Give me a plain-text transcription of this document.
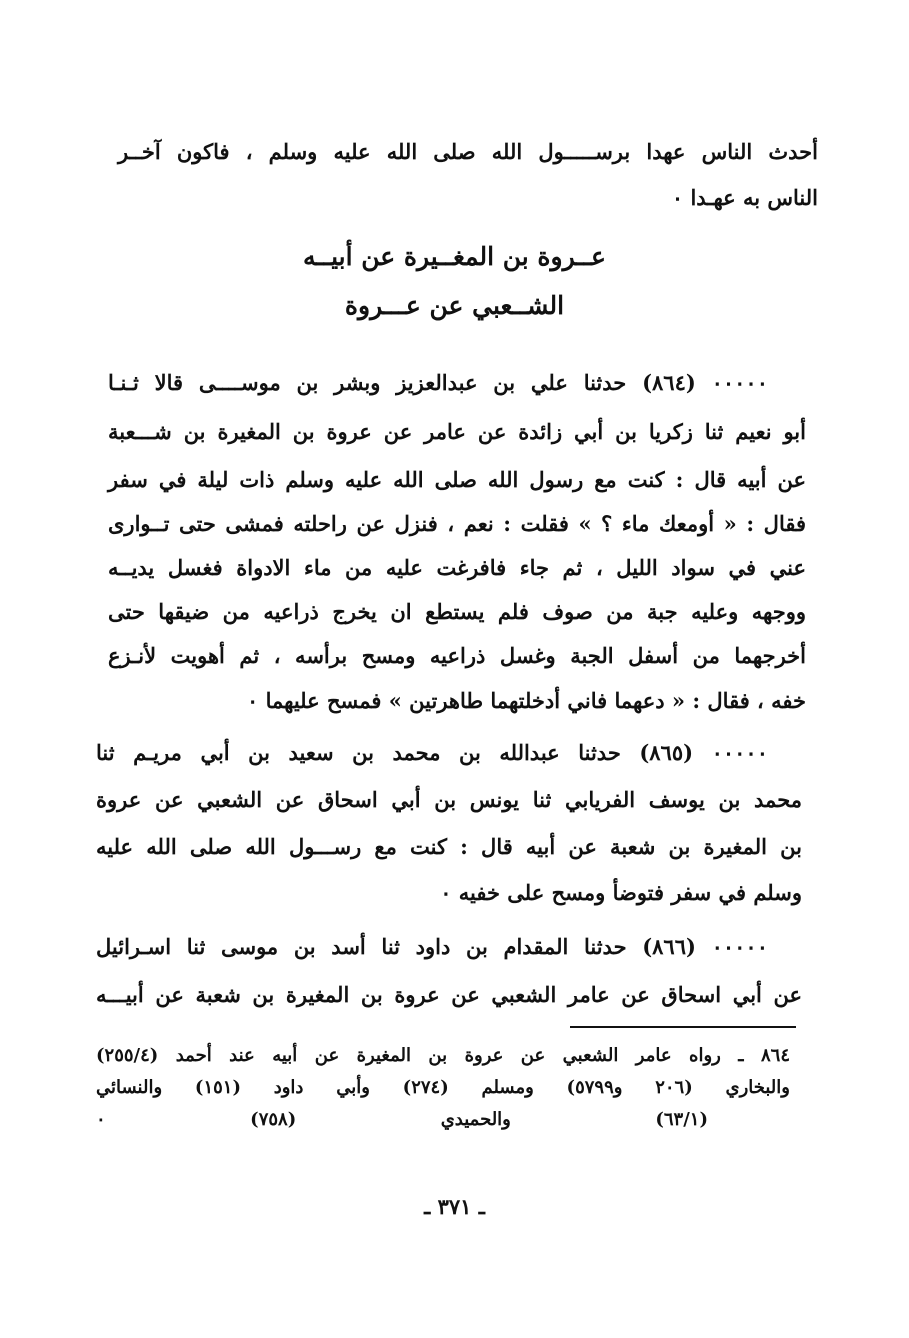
أحدث الناس عهدا برســـــول الله صلى الله عليه وسلم ، فاكون آخــر
الناس به عهـدا ٠
عــروة بن المغــيرة عن أبيــه
الشــعبي عن عـــروة
٠٠٠٠٠ (٨٦٤) حدثنا علي بن عبدالعزيز وبشر بن موســــى قالا ثـنـا
أبو نعيم ثنا زكريا بن أبي زائدة عن عامر عن عروة بن المغيرة بن شـــعبة
عن أبيه قال : كنت مع رسول الله صلى الله عليه وسلم ذات ليلة في سفر
فقال : « أومعك ماء ؟ » فقلت : نعم ، فنزل عن راحلته فمشى حتى تــوارى
عني في سواد الليل ، ثم جاء فافرغت عليه من ماء الادواة فغسل يديــه
ووجهه وعليه جبة من صوف فلم يستطع ان يخرج ذراعيه من ضيقها حتى
أخرجهما من أسفل الجبة وغسل ذراعيه ومسح برأسه ، ثم أهويت لأنـزع
خفه ، فقال : « دعهما فاني أدخلتهما طاهرتين » فمسح عليهما ٠
٠٠٠٠٠ (٨٦٥) حدثنا عبدالله بن محمد بن سعيد بن أبي مريـم ثنا
محمد بن يوسف الفريابي ثنا يونس بن أبي اسحاق عن الشعبي عن عروة
بن المغيرة بن شعبة عن أبيه قال : كنت مع رســـول الله صلى الله عليه
وسلم في سفر فتوضأ ومسح على خفيه ٠
٠٠٠٠٠ (٨٦٦) حدثنا المقدام بن داود ثنا أسد بن موسى ثنا اسـرائيل
عن أبي اسحاق عن عامر الشعبي عن عروة بن المغيرة بن شعبة عن أبيـــه
٨٦٤ ـ رواه عامر الشعبي عن عروة بن المغيرة عن أبيه عند أحمد (٢٥٥/٤)
والبخاري (٢٠٦ و٥٧٩٩) ومسلم (٢٧٤) وأبي داود (١٥١) والنسائي
(٦٣/١) والحميدي (٧٥٨) ٠
ـ ٣٧١ ـ
